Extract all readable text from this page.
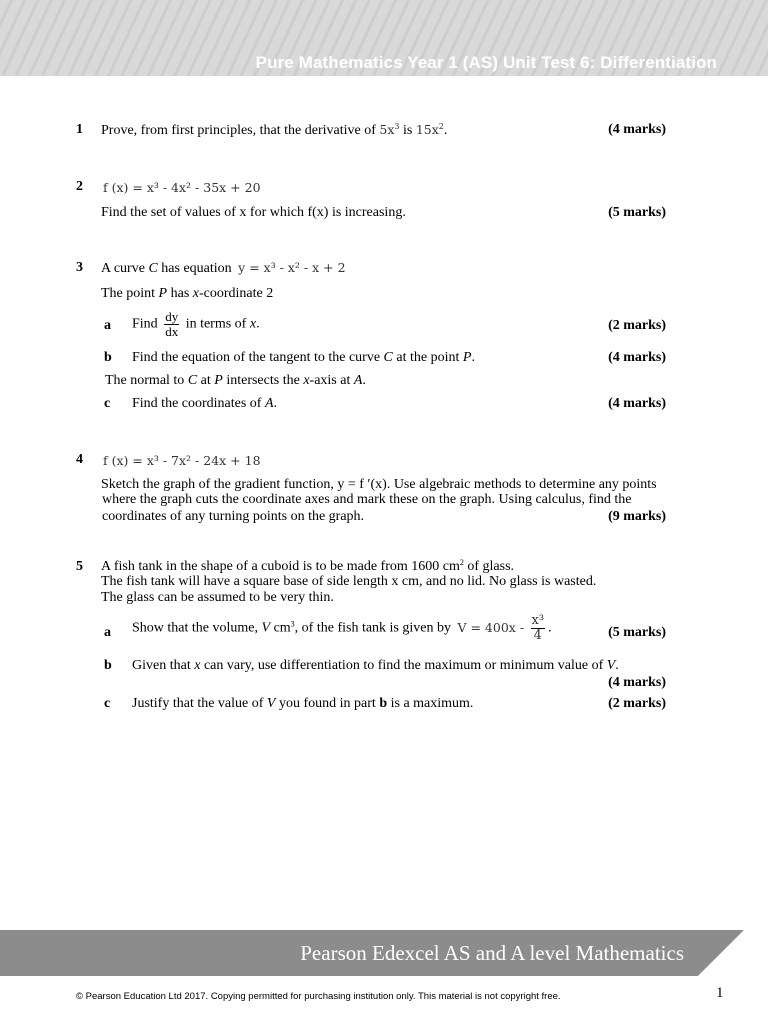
Pure Mathematics Year 1 (AS) Unit Test 6: Differentiation
1 Prove, from first principles, that the derivative of $5x^3$ is $15x^2$.	(4 marks)
2 f (x) = x³ - 4x² - 35x + 20
Find the set of values of x for which f(x) is increasing.	(5 marks)
3 A curve C has equation y = x³ - x² - x + 2
The point P has x-coordinate 2
a Find $\frac{dy}{dx}$ in terms of x.	(2 marks)
b Find the equation of the tangent to the curve C at the point P.	(4 marks)
The normal to C at P intersects the x-axis at A.
c Find the coordinates of A.	(4 marks)
4 f (x) = x³ - 7x² - 24x + 18
Sketch the graph of the gradient function, y = f ′(x). Use algebraic methods to determine any points
where the graph cuts the coordinate axes and mark these on the graph. Using calculus, find the
coordinates of any turning points on the graph.	(9 marks)
5 A fish tank in the shape of a cuboid is to be made from 1600 $cm^2$ of glass.
The fish tank will have a square base of side length x cm, and no lid. No glass is wasted.
The glass can be assumed to be very thin.
a Show that the volume, V $cm^3$, of the fish tank is given by $V = 400x - \frac{\text{x³}}{4}$ .	(5 marks)
b Given that x can vary, use differentiation to find the maximum or minimum value of V.
(4 marks)
c Justify that the value of V you found in part b is a maximum.	(2 marks)
Pearson Edexcel AS and A level Mathematics
© Pearson Education Ltd 2017. Copying permitted for purchasing institution only. This material is not copyright free.	1
